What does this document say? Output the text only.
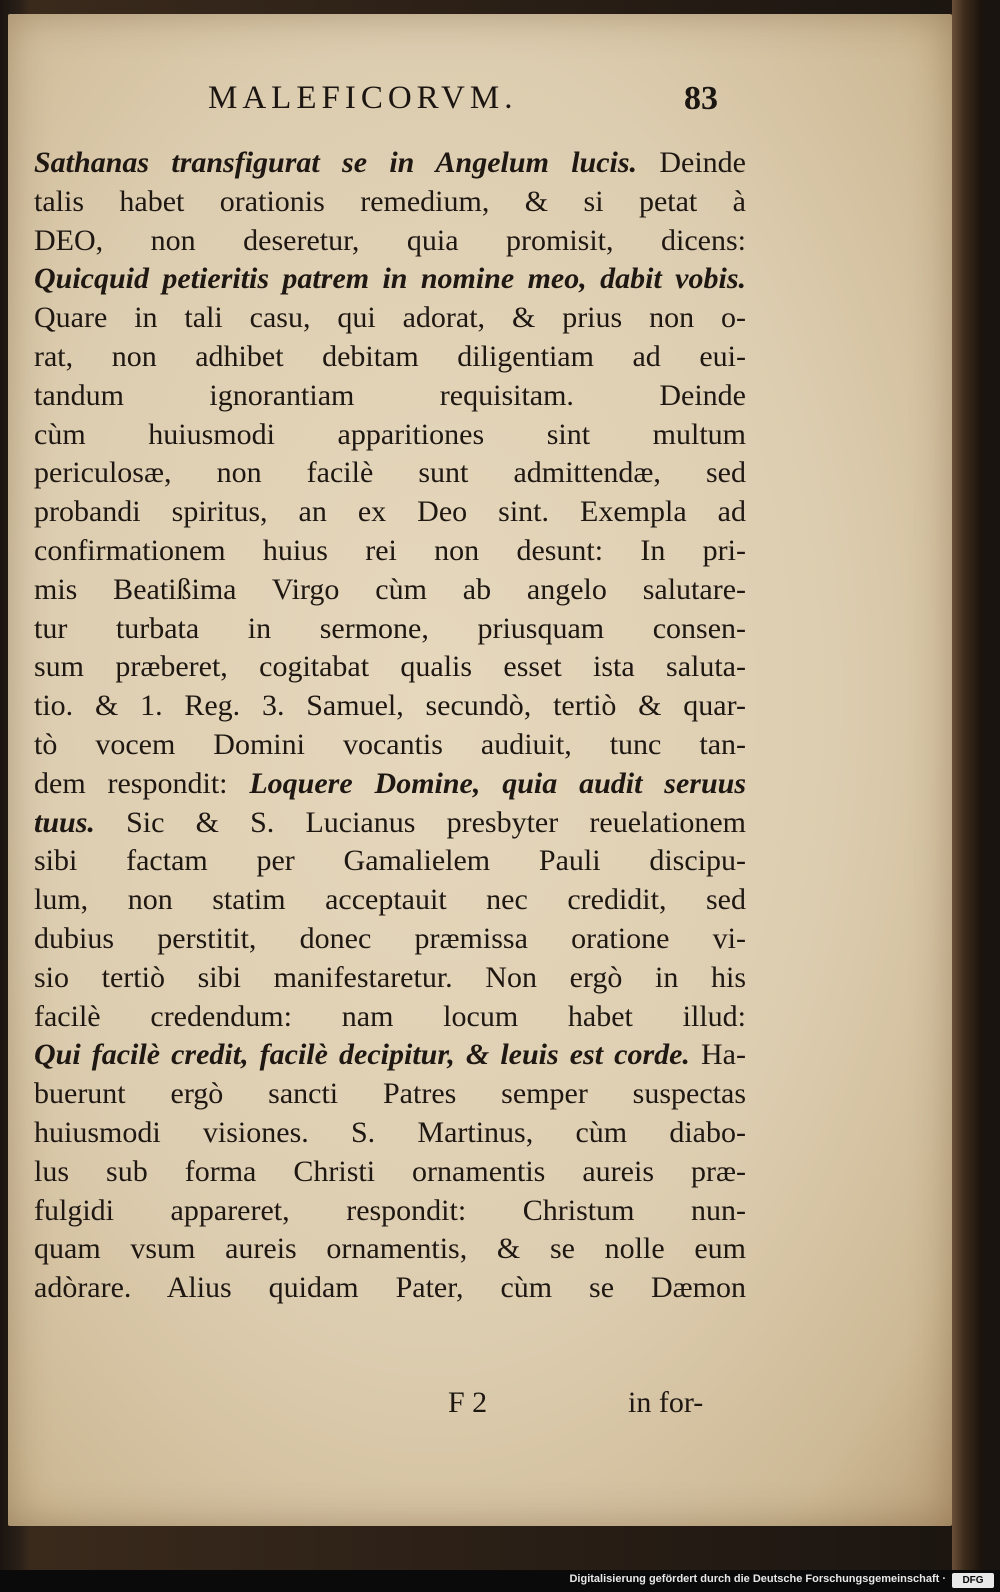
MALEFICORVM.	83
Sathanas transfigurat se in Angelum lucis. Deinde
talis habet orationis remedium, & si petat à
DEO, non deseretur, quia promisit, dicens:
Quicquid petieritis patrem in nomine meo, dabit vobis.
Quare in tali casu, qui adorat, & prius non o-
rat, non adhibet debitam diligentiam ad eui-
tandum ignorantiam requisitam. Deinde
cùm huiusmodi apparitiones sint multum
periculosæ, non facilè sunt admittendæ, sed
probandi spiritus, an ex Deo sint. Exempla ad
confirmationem huius rei non desunt: In pri-
mis Beatißima Virgo cùm ab angelo salutare-
tur turbata in sermone, priusquam consen-
sum præberet, cogitabat qualis esset ista saluta-
tio. & 1. Reg. 3. Samuel, secundò, tertiò & quar-
tò vocem Domini vocantis audiuit, tunc tan-
dem respondit: Loquere Domine, quia audit seruus
tuus. Sic & S. Lucianus presbyter reuelationem
sibi factam per Gamalielem Pauli discipu-
lum, non statim acceptauit nec credidit, sed
dubius perstitit, donec præmissa oratione vi-
sio tertiò sibi manifestaretur. Non ergò in his
facilè credendum: nam locum habet illud:
Qui facilè credit, facilè decipitur, & leuis est corde. Ha-
buerunt ergò sancti Patres semper suspectas
huiusmodi visiones. S. Martinus, cùm diabo-
lus sub forma Christi ornamentis aureis præ-
fulgidi appareret, respondit: Christum nun-
quam vsum aureis ornamentis, & se nolle eum
adòrare. Alius quidam Pater, cùm se Dæmon
F 2	in for-
Digitalisierung gefördert durch die Deutsche Forschungsgemeinschaft ·	DFG
